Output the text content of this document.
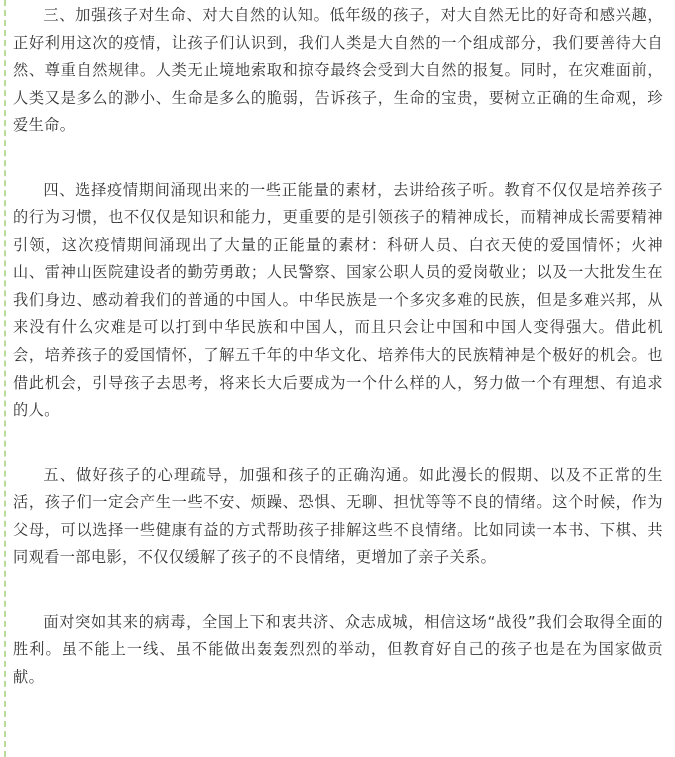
三、加强孩子对生命、对大自然的认知。低年级的孩子，对大自然无比的好奇和感兴趣，正好利用这次的疫情，让孩子们认识到，我们人类是大自然的一个组成部分，我们要善待大自然、尊重自然规律。人类无止境地索取和掠夺最终会受到大自然的报复。同时，在灾难面前，人类又是多么的渺小、生命是多么的脆弱，告诉孩子，生命的宝贵，要树立正确的生命观，珍爱生命。

四、选择疫情期间涌现出来的一些正能量的素材，去讲给孩子听。教育不仅仅是培养孩子的行为习惯，也不仅仅是知识和能力，更重要的是引领孩子的精神成长，而精神成长需要精神引领，这次疫情期间涌现出了大量的正能量的素材：科研人员、白衣天使的爱国情怀；火神山、雷神山医院建设者的勤劳勇敢；人民警察、国家公职人员的爱岗敬业；以及一大批发生在我们身边、感动着我们的普通的中国人。中华民族是一个多灾多难的民族，但是多难兴邦，从来没有什么灾难是可以打到中华民族和中国人，而且只会让中国和中国人变得强大。借此机会，培养孩子的爱国情怀，了解五千年的中华文化、培养伟大的民族精神是个极好的机会。也借此机会，引导孩子去思考，将来长大后要成为一个什么样的人，努力做一个有理想、有追求的人。

五、做好孩子的心理疏导，加强和孩子的正确沟通。如此漫长的假期、以及不正常的生活，孩子们一定会产生一些不安、烦躁、恐惧、无聊、担忧等等不良的情绪。这个时候，作为父母，可以选择一些健康有益的方式帮助孩子排解这些不良情绪。比如同读一本书、下棋、共同观看一部电影，不仅仅缓解了孩子的不良情绪，更增加了亲子关系。

面对突如其来的病毒，全国上下和衷共济、众志成城，相信这场“战役”我们会取得全面的胜利。虽不能上一线、虽不能做出轰轰烈烈的举动，但教育好自己的孩子也是在为国家做贡献。
